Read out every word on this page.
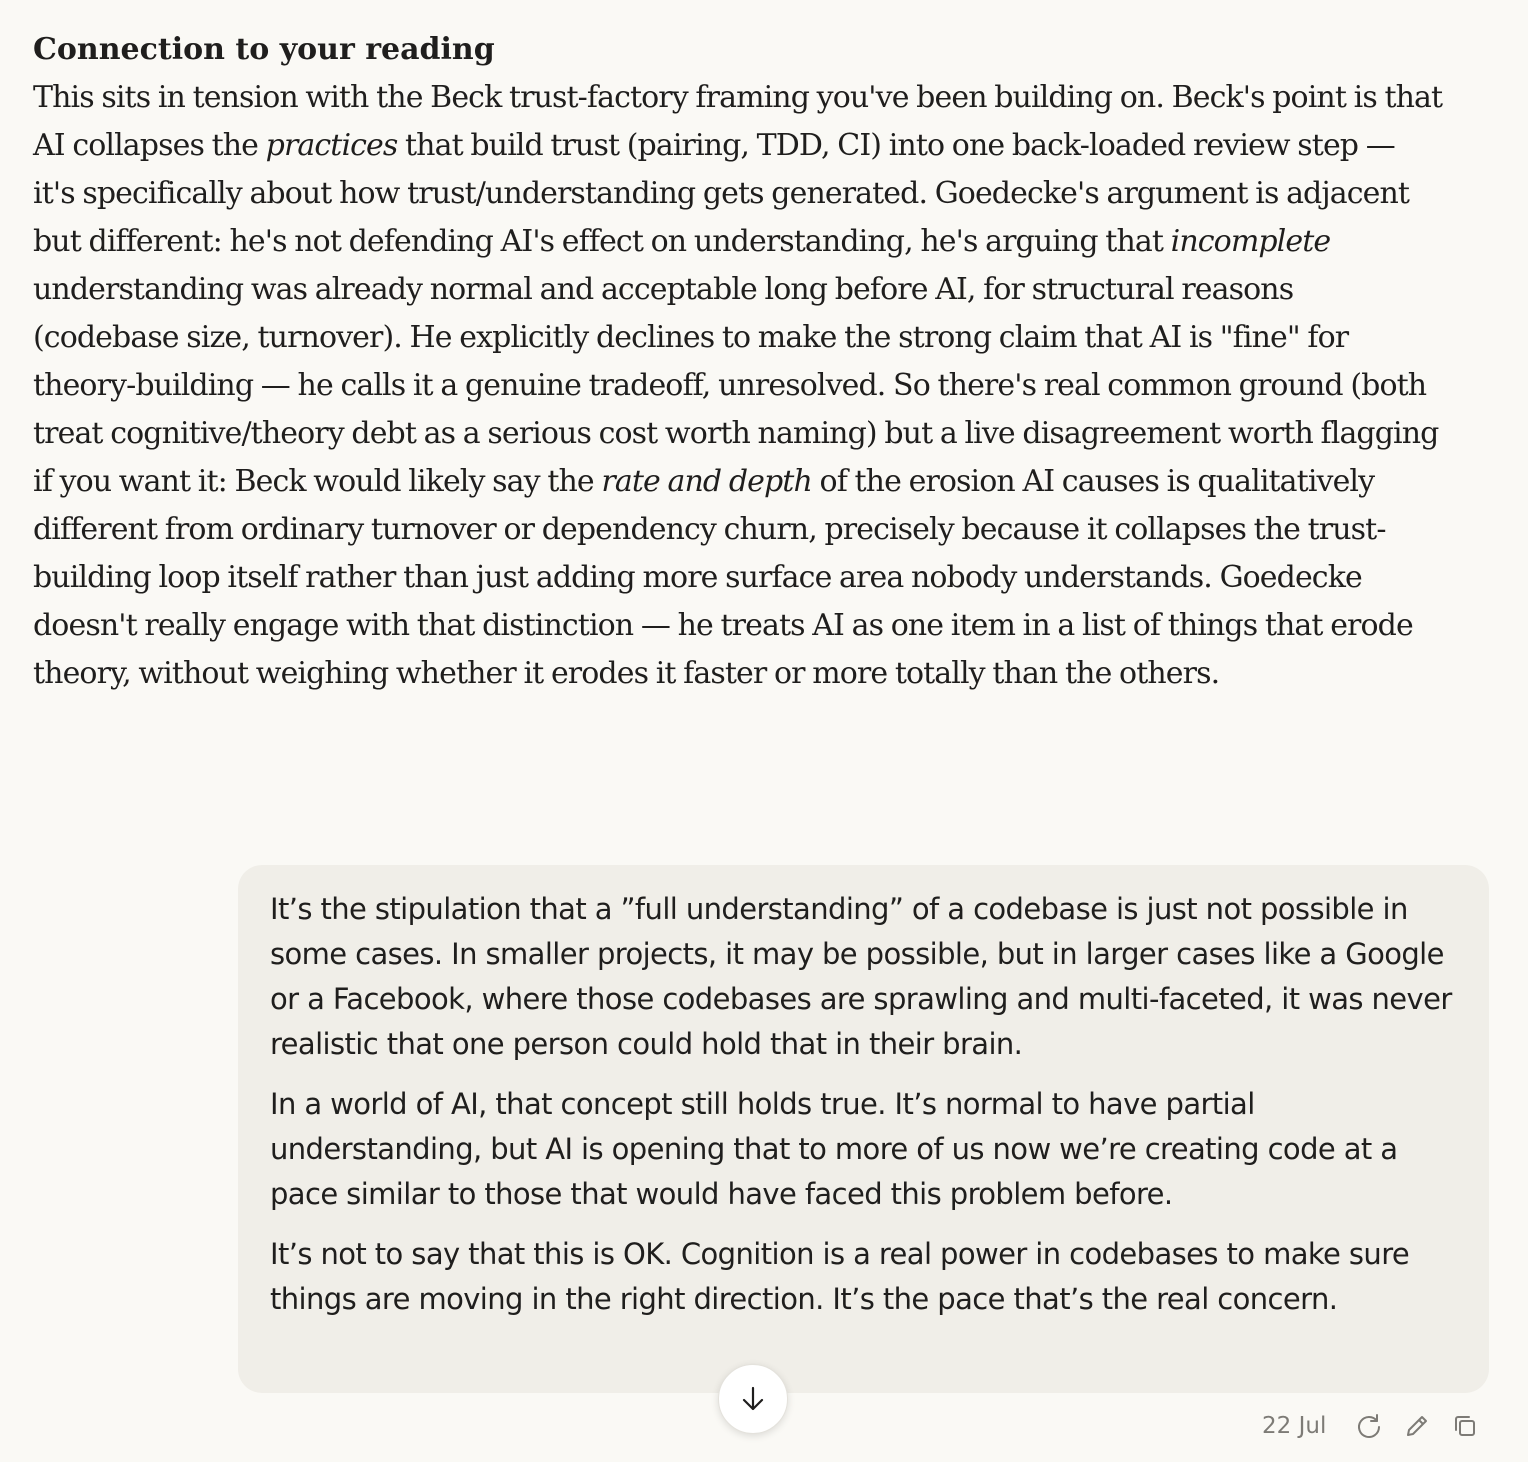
Connection to your reading
This sits in tension with the Beck trust-factory framing you've been building on. Beck's point is that AI collapses the practices that build trust (pairing, TDD, CI) into one back-loaded review step — it's specifically about how trust/understanding gets generated. Goedecke's argument is adjacent but different: he's not defending AI's effect on understanding, he's arguing that incomplete understanding was already normal and acceptable long before AI, for structural reasons (codebase size, turnover). He explicitly declines to make the strong claim that AI is "fine" for theory-building — he calls it a genuine tradeoff, unresolved. So there's real common ground (both treat cognitive/theory debt as a serious cost worth naming) but a live disagreement worth flagging if you want it: Beck would likely say the rate and depth of the erosion AI causes is qualitatively different from ordinary turnover or dependency churn, precisely because it collapses the trust-building loop itself rather than just adding more surface area nobody understands. Goedecke doesn't really engage with that distinction — he treats AI as one item in a list of things that erode theory, without weighing whether it erodes it faster or more totally than the others.

It’s the stipulation that a ”full understanding” of a codebase is just not possible in some cases. In smaller projects, it may be possible, but in larger cases like a Google or a Facebook, where those codebases are sprawling and multi-faceted, it was never realistic that one person could hold that in their brain.

In a world of AI, that concept still holds true. It’s normal to have partial understanding, but AI is opening that to more of us now we’re creating code at a pace similar to those that would have faced this problem before.

It’s not to say that this is OK. Cognition is a real power in codebases to make sure things are moving in the right direction. It’s the pace that’s the real concern.

22 Jul
